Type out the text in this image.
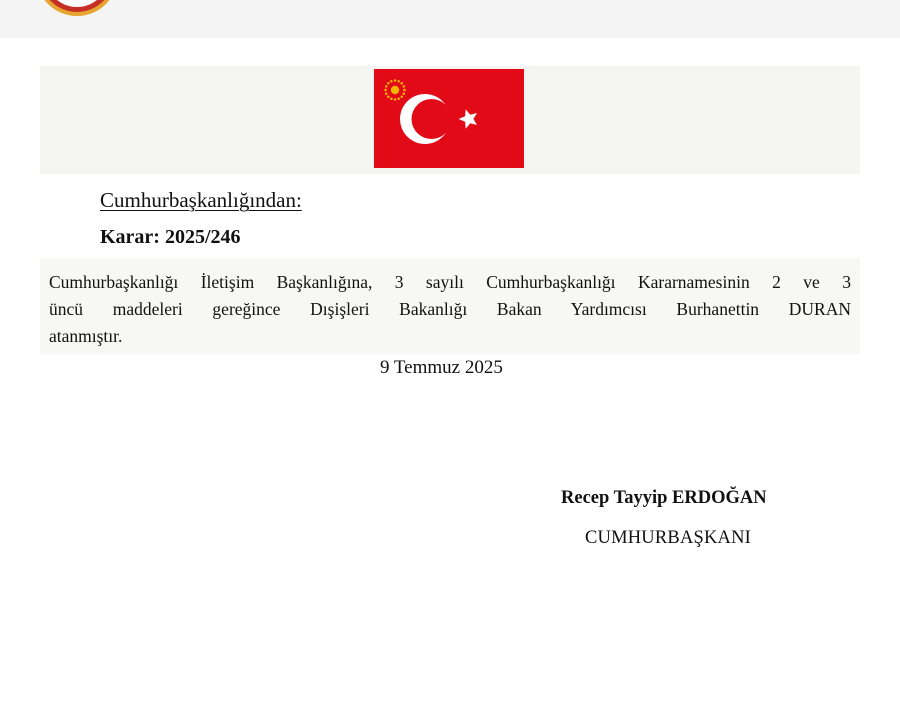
Cumhurbaşkanlığından:
Karar: 2025/246
Cumhurbaşkanlığı İletişim Başkanlığına, 3 sayılı Cumhurbaşkanlığı Kararnamesinin 2 ve 3
üncü maddeleri gereğince Dışişleri Bakanlığı Bakan Yardımcısı Burhanettin DURAN
atanmıştır.
9 Temmuz 2025
Recep Tayyip ERDOĞAN
CUMHURBAŞKANI
